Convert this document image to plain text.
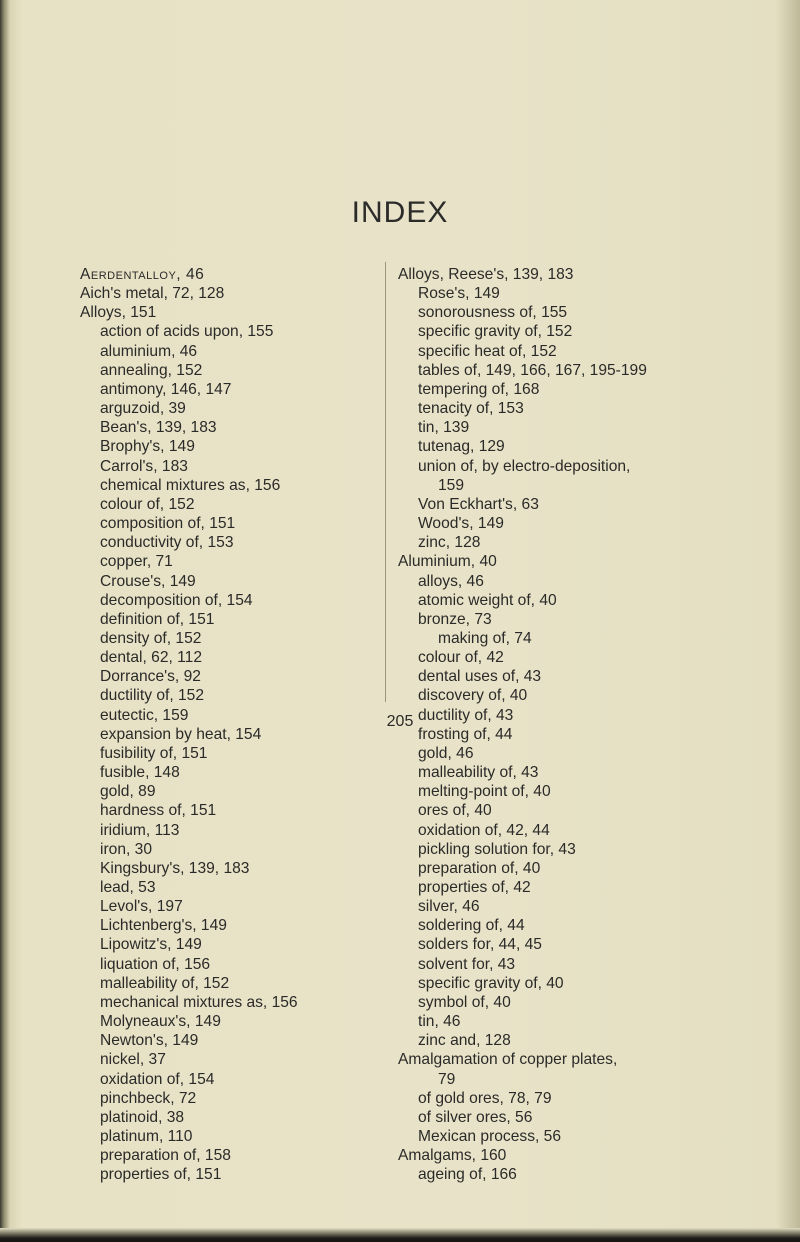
INDEX
Aerdentalloy, 46
Aich's metal, 72, 128
Alloys, 151
action of acids upon, 155
aluminium, 46
annealing, 152
antimony, 146, 147
arguzoid, 39
Bean's, 139, 183
Brophy's, 149
Carrol's, 183
chemical mixtures as, 156
colour of, 152
composition of, 151
conductivity of, 153
copper, 71
Crouse's, 149
decomposition of, 154
definition of, 151
density of, 152
dental, 62, 112
Dorrance's, 92
ductility of, 152
eutectic, 159
expansion by heat, 154
fusibility of, 151
fusible, 148
gold, 89
hardness of, 151
iridium, 113
iron, 30
Kingsbury's, 139, 183
lead, 53
Levol's, 197
Lichtenberg's, 149
Lipowitz's, 149
liquation of, 156
malleability of, 152
mechanical mixtures as, 156
Molyneaux's, 149
Newton's, 149
nickel, 37
oxidation of, 154
pinchbeck, 72
platinoid, 38
platinum, 110
preparation of, 158
properties of, 151
Alloys, Reese's, 139, 183
Rose's, 149
sonorousness of, 155
specific gravity of, 152
specific heat of, 152
tables of, 149, 166, 167, 195-199
tempering of, 168
tenacity of, 153
tin, 139
tutenag, 129
union of, by electro-deposition,
159
Von Eckhart's, 63
Wood's, 149
zinc, 128
Aluminium, 40
alloys, 46
atomic weight of, 40
bronze, 73
making of, 74
colour of, 42
dental uses of, 43
discovery of, 40
ductility of, 43
frosting of, 44
gold, 46
malleability of, 43
melting-point of, 40
ores of, 40
oxidation of, 42, 44
pickling solution for, 43
preparation of, 40
properties of, 42
silver, 46
soldering of, 44
solders for, 44, 45
solvent for, 43
specific gravity of, 40
symbol of, 40
tin, 46
zinc and, 128
Amalgamation of copper plates,
79
of gold ores, 78, 79
of silver ores, 56
Mexican process, 56
Amalgams, 160
ageing of, 166
205
